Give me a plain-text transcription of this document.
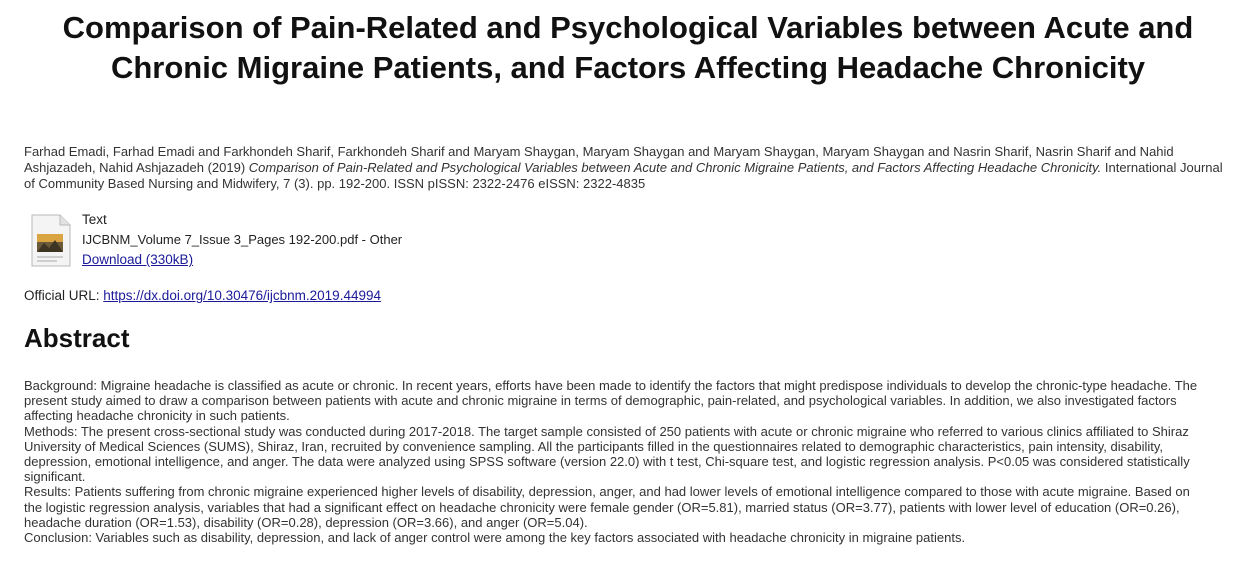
Comparison of Pain-Related and Psychological Variables between Acute and Chronic Migraine Patients, and Factors Affecting Headache Chronicity

Farhad Emadi, Farhad Emadi and Farkhondeh Sharif, Farkhondeh Sharif and Maryam Shaygan, Maryam Shaygan and Maryam Shaygan, Maryam Shaygan and Nasrin Sharif, Nasrin Sharif and Nahid Ashjazadeh, Nahid Ashjazadeh (2019) Comparison of Pain-Related and Psychological Variables between Acute and Chronic Migraine Patients, and Factors Affecting Headache Chronicity. International Journal of Community Based Nursing and Midwifery, 7 (3). pp. 192-200. ISSN pISSN: 2322-2476 eISSN: 2322-4835

Text
IJCBNM_Volume 7_Issue 3_Pages 192-200.pdf - Other
Download (330kB)

Official URL: https://dx.doi.org/10.30476/ijcbnm.2019.44994

Abstract

Background: Migraine headache is classified as acute or chronic. In recent years, efforts have been made to identify the factors that might predispose individuals to develop the chronic-type headache. The present study aimed to draw a comparison between patients with acute and chronic migraine in terms of demographic, pain-related, and psychological variables. In addition, we also investigated factors affecting headache chronicity in such patients.

Methods: The present cross-sectional study was conducted during 2017-2018. The target sample consisted of 250 patients with acute or chronic migraine who referred to various clinics affiliated to Shiraz University of Medical Sciences (SUMS), Shiraz, Iran, recruited by convenience sampling. All the participants filled in the questionnaires related to demographic characteristics, pain intensity, disability, depression, emotional intelligence, and anger. The data were analyzed using SPSS software (version 22.0) with t test, Chi-square test, and logistic regression analysis. P<0.05 was considered statistically significant.

Results: Patients suffering from chronic migraine experienced higher levels of disability, depression, anger, and had lower levels of emotional intelligence compared to those with acute migraine. Based on the logistic regression analysis, variables that had a significant effect on headache chronicity were female gender (OR=5.81), married status (OR=3.77), patients with lower level of education (OR=0.26), headache duration (OR=1.53), disability (OR=0.28), depression (OR=3.66), and anger (OR=5.04).

Conclusion: Variables such as disability, depression, and lack of anger control were among the key factors associated with headache chronicity in migraine patients.
